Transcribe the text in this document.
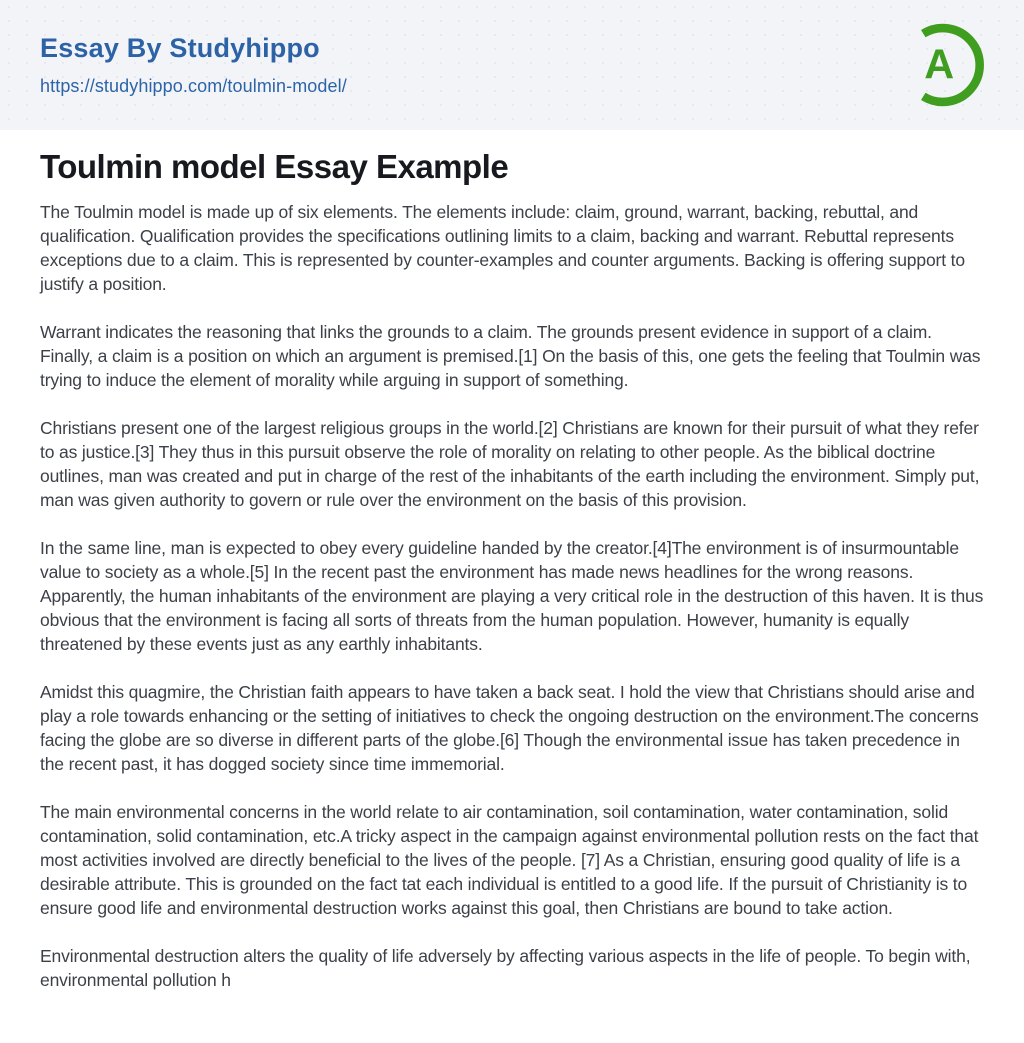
Essay By Studyhippo
https://studyhippo.com/toulmin-model/	A
Toulmin model Essay Example

The Toulmin model is made up of six elements. The elements include: claim, ground, warrant, backing, rebuttal, and qualification. Qualification provides the specifications outlining limits to a claim, backing and warrant. Rebuttal represents exceptions due to a claim. This is represented by counter-examples and counter arguments. Backing is offering support to justify a position.

Warrant indicates the reasoning that links the grounds to a claim. The grounds present evidence in support of a claim. Finally, a claim is a position on which an argument is premised.[1] On the basis of this, one gets the feeling that Toulmin was trying to induce the element of morality while arguing in support of something.

Christians present one of the largest religious groups in the world.[2] Christians are known for their pursuit of what they refer to as justice.[3] They thus in this pursuit observe the role of morality on relating to other people. As the biblical doctrine outlines, man was created and put in charge of the rest of the inhabitants of the earth including the environment. Simply put, man was given authority to govern or rule over the environment on the basis of this provision.

In the same line, man is expected to obey every guideline handed by the creator.[4]The environment is of insurmountable value to society as a whole.[5] In the recent past the environment has made news headlines for the wrong reasons. Apparently, the human inhabitants of the environment are playing a very critical role in the destruction of this haven. It is thus obvious that the environment is facing all sorts of threats from the human population. However, humanity is equally threatened by these events just as any earthly inhabitants.

Amidst this quagmire, the Christian faith appears to have taken a back seat. I hold the view that Christians should arise and play a role towards enhancing or the setting of initiatives to check the ongoing destruction on the environment.The concerns facing the globe are so diverse in different parts of the globe.[6] Though the environmental issue has taken precedence in the recent past, it has dogged society since time immemorial.

The main environmental concerns in the world relate to air contamination, soil contamination, water contamination, solid contamination, solid contamination, etc.A tricky aspect in the campaign against environmental pollution rests on the fact that most activities involved are directly beneficial to the lives of the people. [7] As a Christian, ensuring good quality of life is a desirable attribute. This is grounded on the fact tat each individual is entitled to a good life. If the pursuit of Christianity is to ensure good life and environmental destruction works against this goal, then Christians are bound to take action.

Environmental destruction alters the quality of life adversely by affecting various aspects in the life of people. To begin with, environmental pollution h
